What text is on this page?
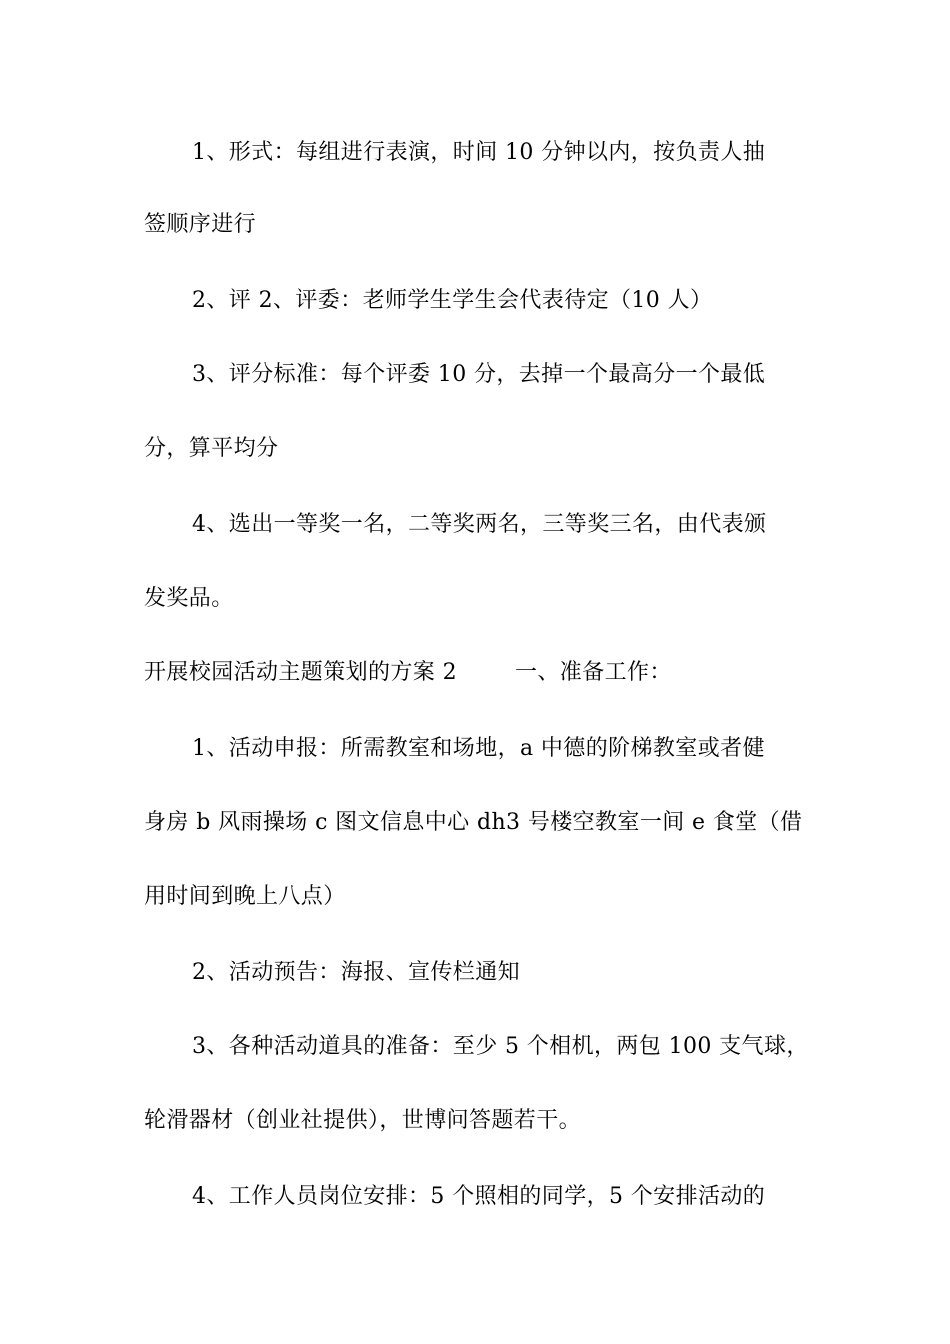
1、形式：每组进行表演，时间 10 分钟以内，按负责人抽
签顺序进行
2、评 2、评委：老师学生学生会代表待定（10 人）
3、评分标准：每个评委 10 分，去掉一个最高分一个最低
分，算平均分
4、选出一等奖一名，二等奖两名，三等奖三名，由代表颁
发奖品。
开展校园活动主题策划的方案 2	一、准备工作：
1、活动申报：所需教室和场地，a 中德的阶梯教室或者健
身房 b 风雨操场 c 图文信息中心 dh3 号楼空教室一间 e 食堂（借
用时间到晚上八点）
2、活动预告：海报、宣传栏通知
3、各种活动道具的准备：至少 5 个相机，两包 100 支气球，
轮滑器材（创业社提供），世博问答题若干。
4、工作人员岗位安排：5 个照相的同学，5 个安排活动的
